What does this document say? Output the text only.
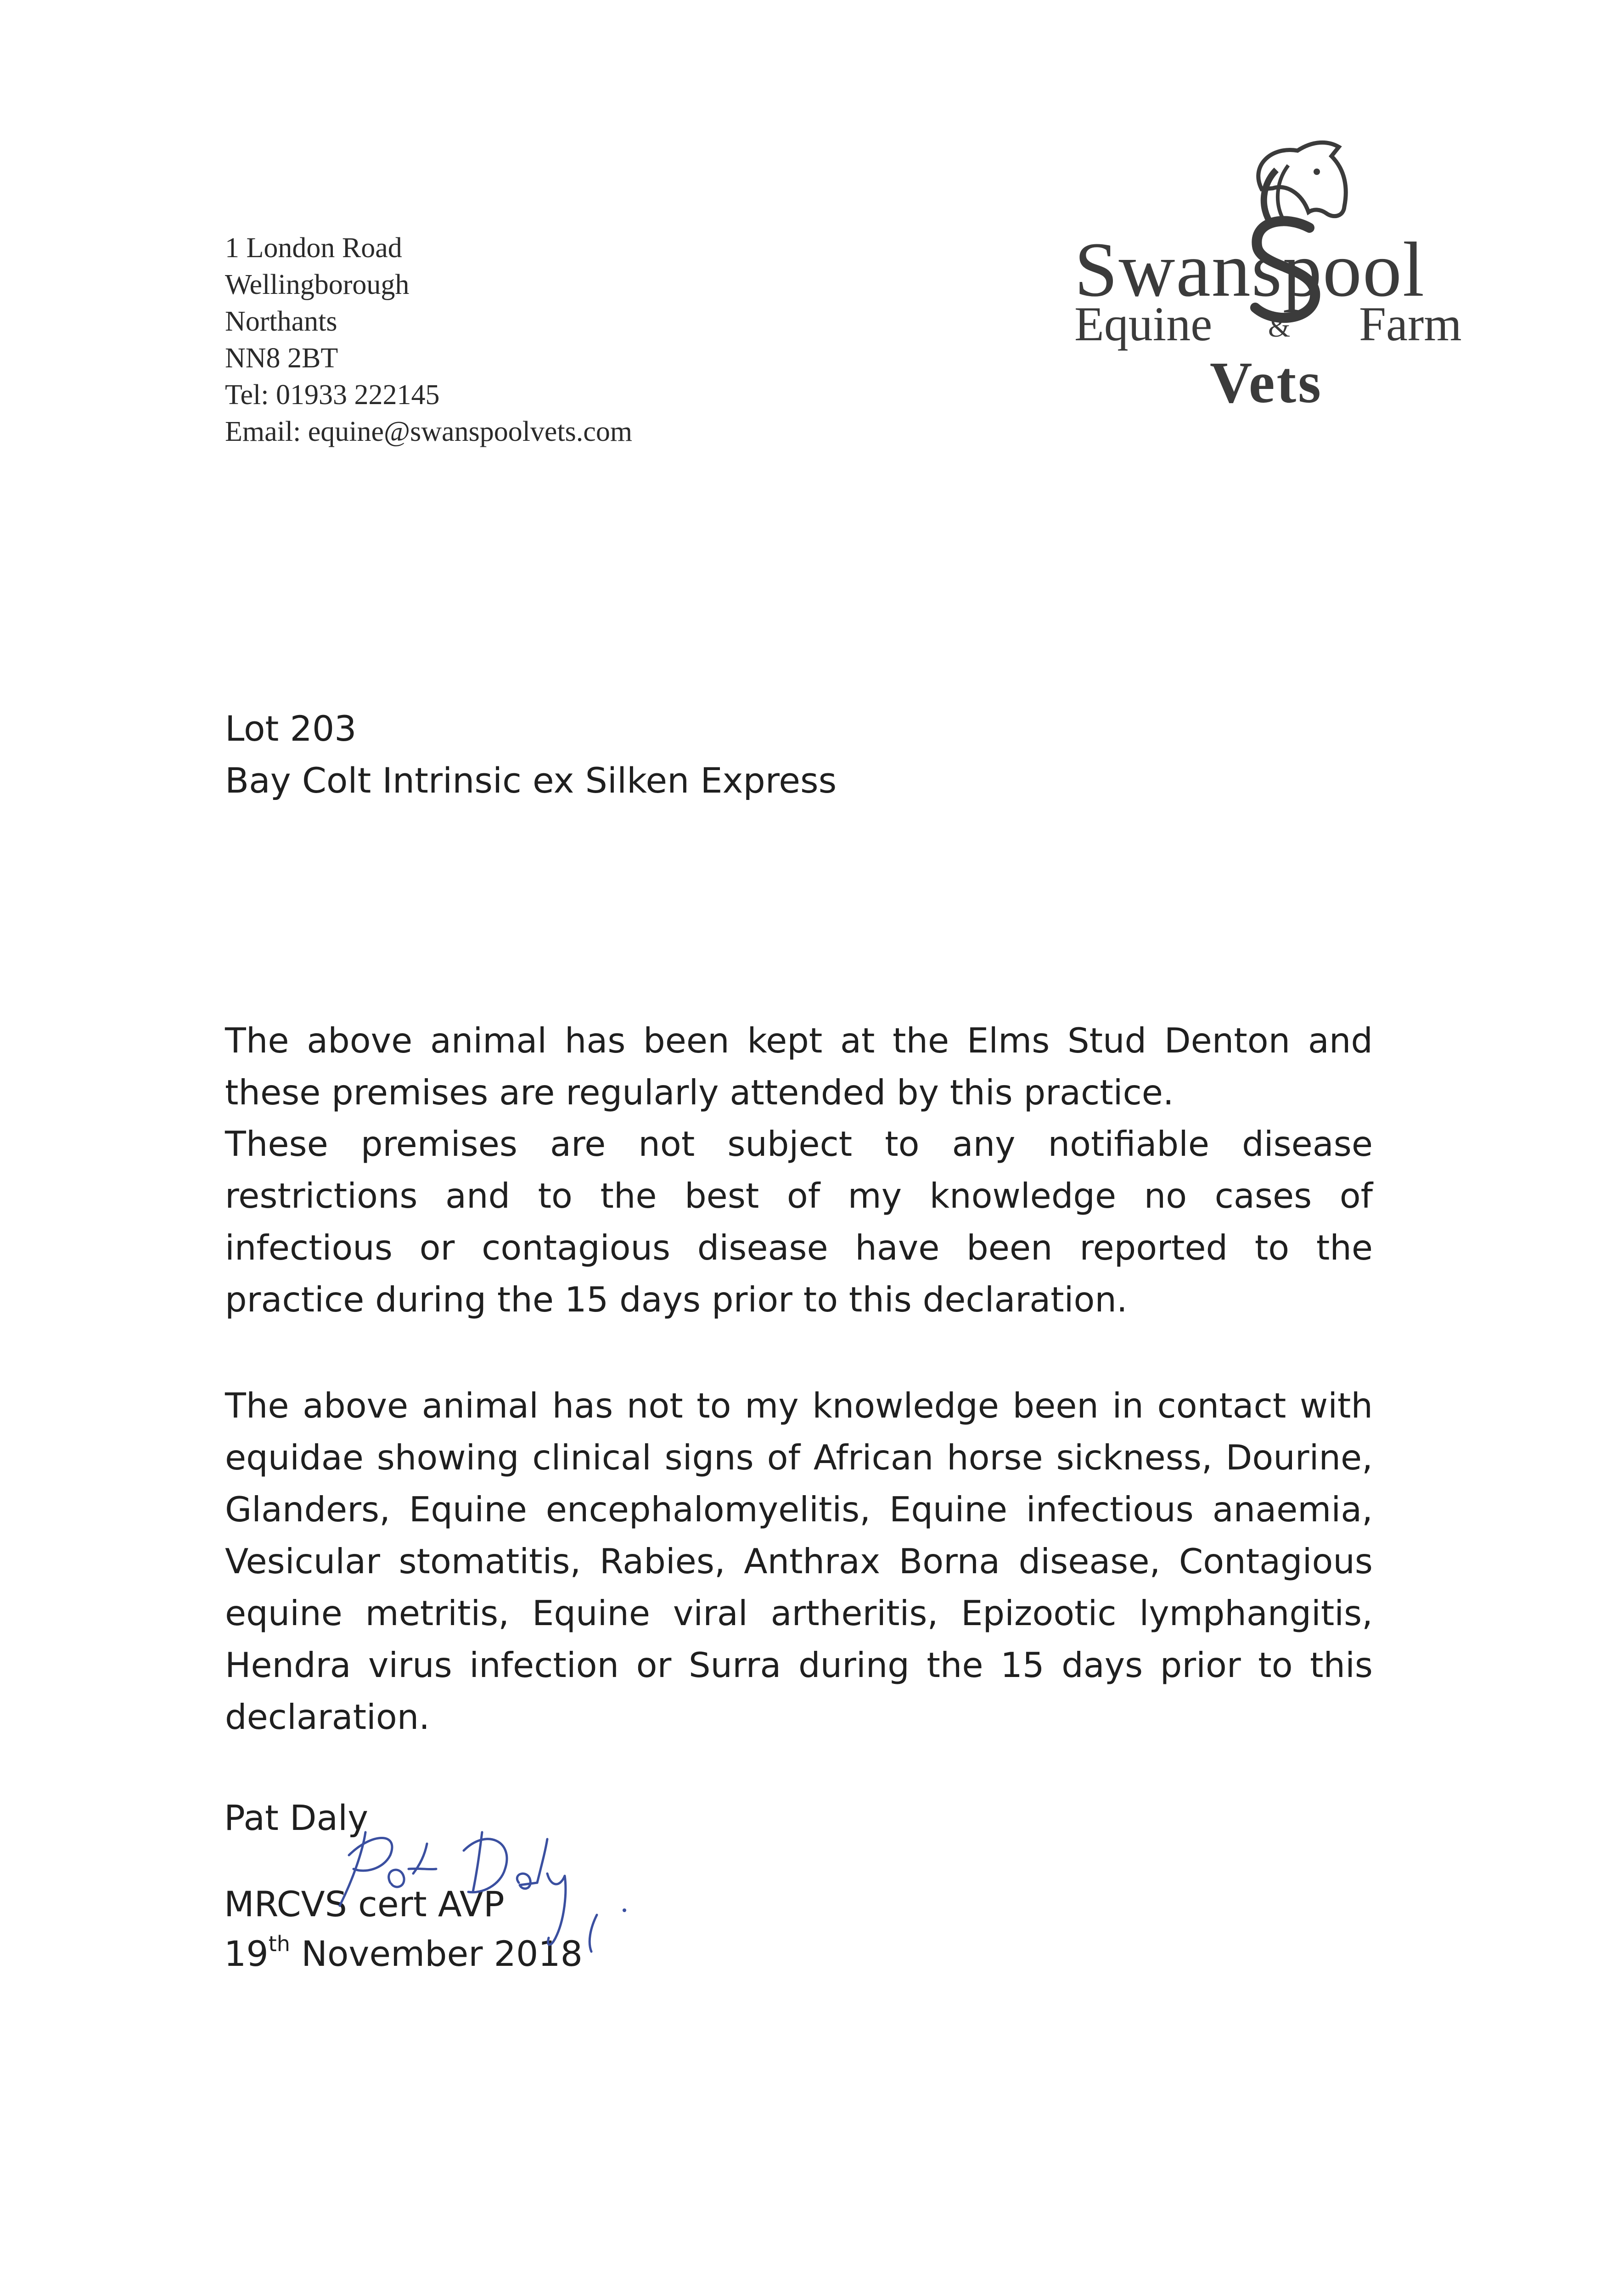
1 London Road
Wellingborough
Northants
NN8 2BT
Tel: 01933 222145
Email: equine@swanspoolvets.com
Swanspool
Equine & Farm
Vets
Lot 203
Bay Colt Intrinsic ex Silken Express
The above animal has been kept at the Elms Stud Denton and these premises are regularly attended by this practice.
These premises are not subject to any notifiable disease restrictions and to the best of my knowledge no cases of infectious or contagious disease have been reported to the practice during the 15 days prior to this declaration.
The above animal has not to my knowledge been in contact with equidae showing clinical signs of African horse sickness, Dourine, Glanders, Equine encephalomyelitis, Equine infectious anaemia, Vesicular stomatitis, Rabies, Anthrax Borna disease, Contagious equine metritis, Equine viral artheritis, Epizootic lymphangitis, Hendra virus infection or Surra during the 15 days prior to this declaration.
Pat Daly
MRCVS cert AVP
19th November 2018
